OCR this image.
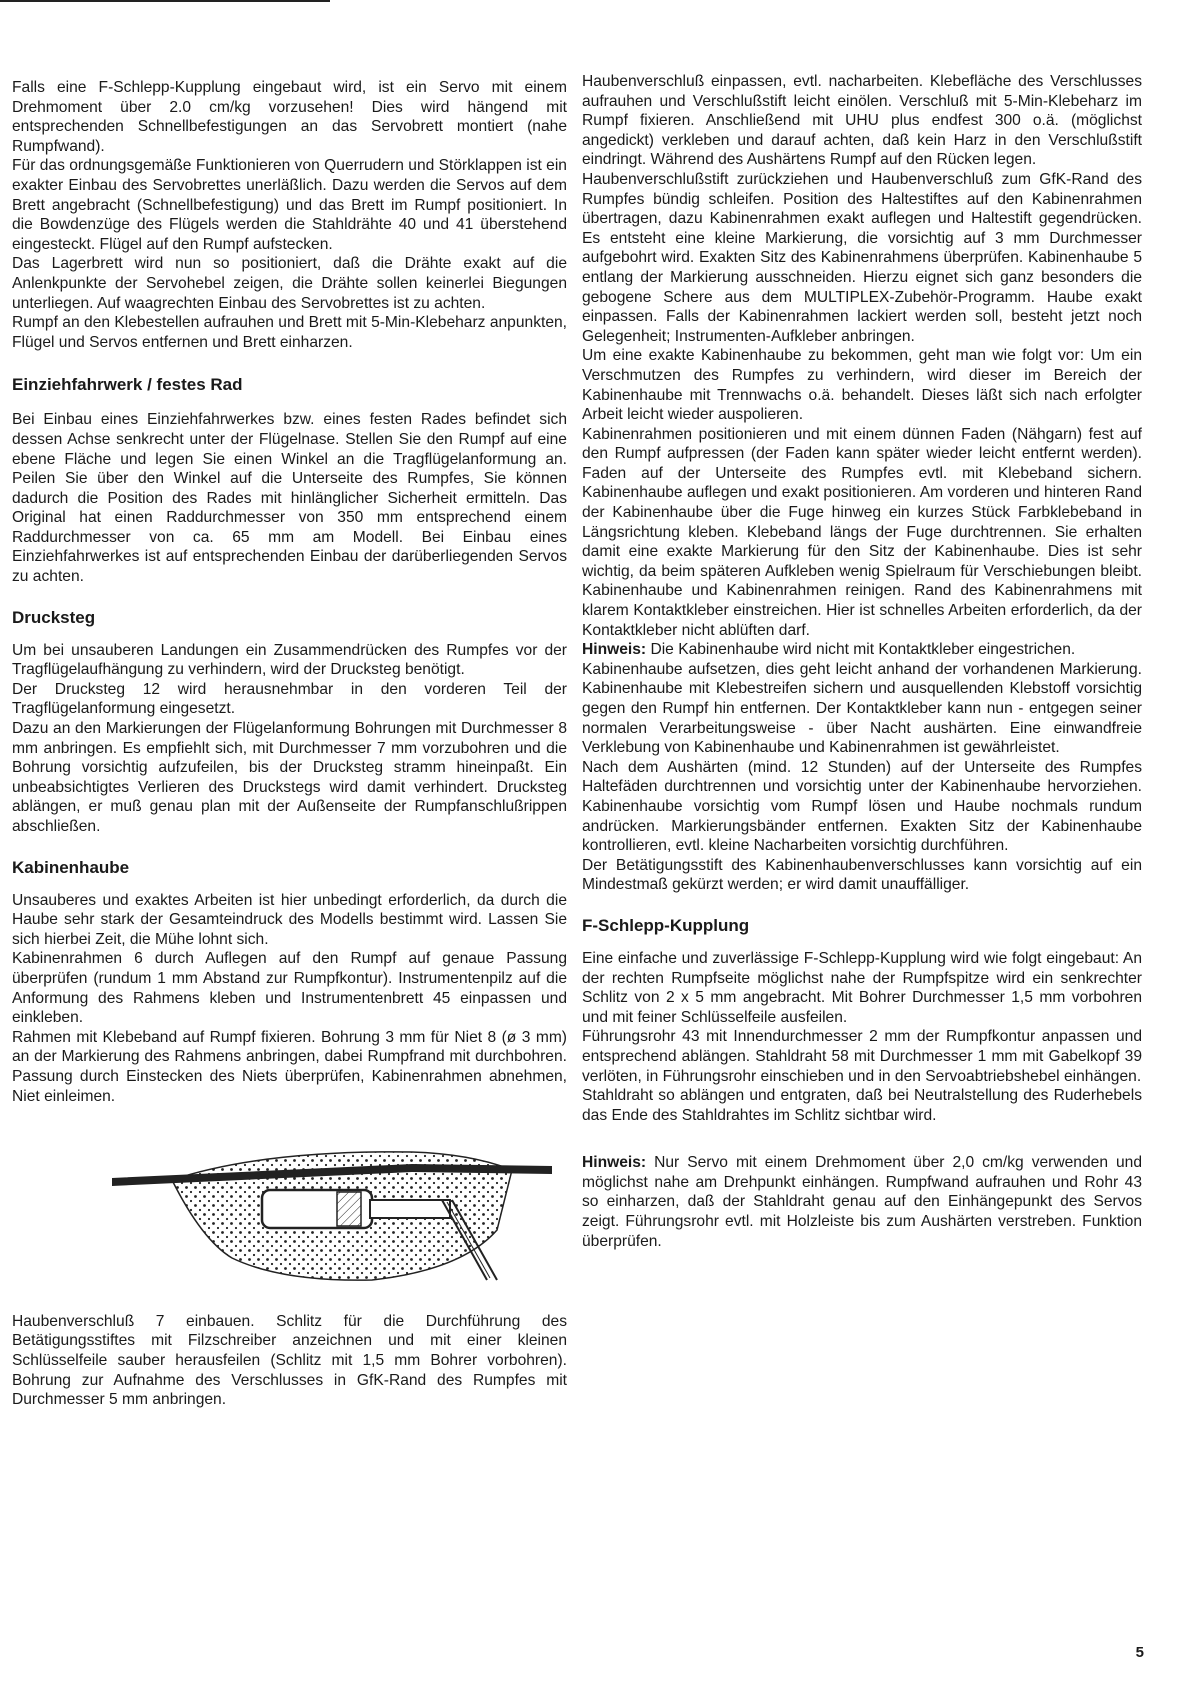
Falls eine F-Schlepp-Kupplung eingebaut wird, ist ein Servo mit einem Drehmoment über 2.0 cm/kg vorzusehen! Dies wird hängend mit entsprechenden Schnellbefestigungen an das Servobrett montiert (nahe Rumpfwand).

Für das ordnungsgemäße Funktionieren von Querrudern und Störklappen ist ein exakter Einbau des Servobrettes unerläßlich. Dazu werden die Servos auf dem Brett angebracht (Schnellbefestigung) und das Brett im Rumpf positioniert. In die Bowdenzüge des Flügels werden die Stahldrähte 40 und 41 überstehend eingesteckt. Flügel auf den Rumpf aufstecken.

Das Lagerbrett wird nun so positioniert, daß die Drähte exakt auf die Anlenkpunkte der Servohebel zeigen, die Drähte sollen keinerlei Biegungen unterliegen. Auf waagrechten Einbau des Servobrettes ist zu achten.

Rumpf an den Klebestellen aufrauhen und Brett mit 5-Min-Klebeharz anpunkten, Flügel und Servos entfernen und Brett einharzen.

Einziehfahrwerk / festes Rad

Bei Einbau eines Einziehfahrwerkes bzw. eines festen Rades befindet sich dessen Achse senkrecht unter der Flügelnase. Stellen Sie den Rumpf auf eine ebene Fläche und legen Sie einen Winkel an die Tragflügelanformung an. Peilen Sie über den Winkel auf die Unterseite des Rumpfes, Sie können dadurch die Position des Rades mit hinlänglicher Sicherheit ermitteln. Das Original hat einen Raddurchmesser von 350 mm entsprechend einem Raddurchmesser von ca. 65 mm am Modell. Bei Einbau eines Einziehfahrwerkes ist auf entsprechenden Einbau der darüberliegenden Servos zu achten.

Drucksteg

Um bei unsauberen Landungen ein Zusammendrücken des Rumpfes vor der Tragflügelaufhängung zu verhindern, wird der Drucksteg benötigt.

Der Drucksteg 12 wird herausnehmbar in den vorderen Teil der Tragflügelanformung eingesetzt.

Dazu an den Markierungen der Flügelanformung Bohrungen mit Durchmesser 8 mm anbringen. Es empfiehlt sich, mit Durchmesser 7 mm vorzubohren und die Bohrung vorsichtig aufzufeilen, bis der Drucksteg stramm hineinpaßt. Ein unbeabsichtigtes Verlieren des Druckstegs wird damit verhindert. Drucksteg ablängen, er muß genau plan mit der Außenseite der Rumpfanschlußrippen abschließen.

Kabinenhaube

Unsauberes und exaktes Arbeiten ist hier unbedingt erforderlich, da durch die Haube sehr stark der Gesamteindruck des Modells bestimmt wird. Lassen Sie sich hierbei Zeit, die Mühe lohnt sich.

Kabinenrahmen 6 durch Auflegen auf den Rumpf auf genaue Passung überprüfen (rundum 1 mm Abstand zur Rumpfkontur). Instrumentenpilz auf die Anformung des Rahmens kleben und Instrumentenbrett 45 einpassen und einkleben.

Rahmen mit Klebeband auf Rumpf fixieren. Bohrung 3 mm für Niet 8 (ø 3 mm) an der Markierung des Rahmens anbringen, dabei Rumpfrand mit durchbohren. Passung durch Einstecken des Niets überprüfen, Kabinenrahmen abnehmen, Niet einleimen.

Haubenverschluß 7 einbauen. Schlitz für die Durchführung des Betätigungsstiftes mit Filzschreiber anzeichnen und mit einer kleinen Schlüsselfeile sauber herausfeilen (Schlitz mit 1,5 mm Bohrer vorbohren). Bohrung zur Aufnahme des Verschlusses in GfK-Rand des Rumpfes mit Durchmesser 5 mm anbringen.

Haubenverschluß einpassen, evtl. nacharbeiten. Klebefläche des Verschlusses aufrauhen und Verschlußstift leicht einölen. Verschluß mit 5-Min-Klebeharz im Rumpf fixieren. Anschließend mit UHU plus endfest 300 o.ä. (möglichst angedickt) verkleben und darauf achten, daß kein Harz in den Verschlußstift eindringt. Während des Aushärtens Rumpf auf den Rücken legen.

Haubenverschlußstift zurückziehen und Haubenverschluß zum GfK-Rand des Rumpfes bündig schleifen. Position des Haltestiftes auf den Kabinenrahmen übertragen, dazu Kabinenrahmen exakt auflegen und Haltestift gegendrücken. Es entsteht eine kleine Markierung, die vorsichtig auf 3 mm Durchmesser aufgebohrt wird. Exakten Sitz des Kabinenrahmens überprüfen. Kabinenhaube 5 entlang der Markierung ausschneiden. Hierzu eignet sich ganz besonders die gebogene Schere aus dem MULTIPLEX-Zubehör-Programm. Haube exakt einpassen. Falls der Kabinenrahmen lackiert werden soll, besteht jetzt noch Gelegenheit; Instrumenten-Aufkleber anbringen.

Um eine exakte Kabinenhaube zu bekommen, geht man wie folgt vor: Um ein Verschmutzen des Rumpfes zu verhindern, wird dieser im Bereich der Kabinenhaube mit Trennwachs o.ä. behandelt. Dieses läßt sich nach erfolgter Arbeit leicht wieder auspolieren.

Kabinenrahmen positionieren und mit einem dünnen Faden (Nähgarn) fest auf den Rumpf aufpressen (der Faden kann später wieder leicht entfernt werden). Faden auf der Unterseite des Rumpfes evtl. mit Klebeband sichern. Kabinenhaube auflegen und exakt positionieren. Am vorderen und hinteren Rand der Kabinenhaube über die Fuge hinweg ein kurzes Stück Farbklebeband in Längsrichtung kleben. Klebeband längs der Fuge durchtrennen. Sie erhalten damit eine exakte Markierung für den Sitz der Kabinenhaube. Dies ist sehr wichtig, da beim späteren Aufkleben wenig Spielraum für Verschiebungen bleibt. Kabinenhaube und Kabinenrahmen reinigen. Rand des Kabinenrahmens mit klarem Kontaktkleber einstreichen. Hier ist schnelles Arbeiten erforderlich, da der Kontaktkleber nicht ablüften darf.

Hinweis: Die Kabinenhaube wird nicht mit Kontaktkleber eingestrichen.

Kabinenhaube aufsetzen, dies geht leicht anhand der vorhandenen Markierung. Kabinenhaube mit Klebestreifen sichern und ausquellenden Klebstoff vorsichtig gegen den Rumpf hin entfernen. Der Kontaktkleber kann nun - entgegen seiner normalen Verarbeitungsweise - über Nacht aushärten. Eine einwandfreie Verklebung von Kabinenhaube und Kabinenrahmen ist gewährleistet.

Nach dem Aushärten (mind. 12 Stunden) auf der Unterseite des Rumpfes Haltefäden durchtrennen und vorsichtig unter der Kabinenhaube hervorziehen. Kabinenhaube vorsichtig vom Rumpf lösen und Haube nochmals rundum andrücken. Markierungsbänder entfernen. Exakten Sitz der Kabinenhaube kontrollieren, evtl. kleine Nacharbeiten vorsichtig durchführen.

Der Betätigungsstift des Kabinenhaubenverschlusses kann vorsichtig auf ein Mindestmaß gekürzt werden; er wird damit unauffälliger.

F-Schlepp-Kupplung

Eine einfache und zuverlässige F-Schlepp-Kupplung wird wie folgt eingebaut: An der rechten Rumpfseite möglichst nahe der Rumpfspitze wird ein senkrechter Schlitz von 2 x 5 mm angebracht. Mit Bohrer Durchmesser 1,5 mm vorbohren und mit feiner Schlüsselfeile ausfeilen.

Führungsrohr 43 mit Innendurchmesser 2 mm der Rumpfkontur anpassen und entsprechend ablängen. Stahldraht 58 mit Durchmesser 1 mm mit Gabelkopf 39 verlöten, in Führungsrohr einschieben und in den Servoabtriebshebel einhängen.

Stahldraht so ablängen und entgraten, daß bei Neutralstellung des Ruderhebels das Ende des Stahldrahtes im Schlitz sichtbar wird.

Hinweis: Nur Servo mit einem Drehmoment über 2,0 cm/kg verwenden und möglichst nahe am Drehpunkt einhängen. Rumpfwand aufrauhen und Rohr 43 so einharzen, daß der Stahldraht genau auf den Einhängepunkt des Servos zeigt. Führungsrohr evtl. mit Holzleiste bis zum Aushärten verstreben. Funktion überprüfen.

5
